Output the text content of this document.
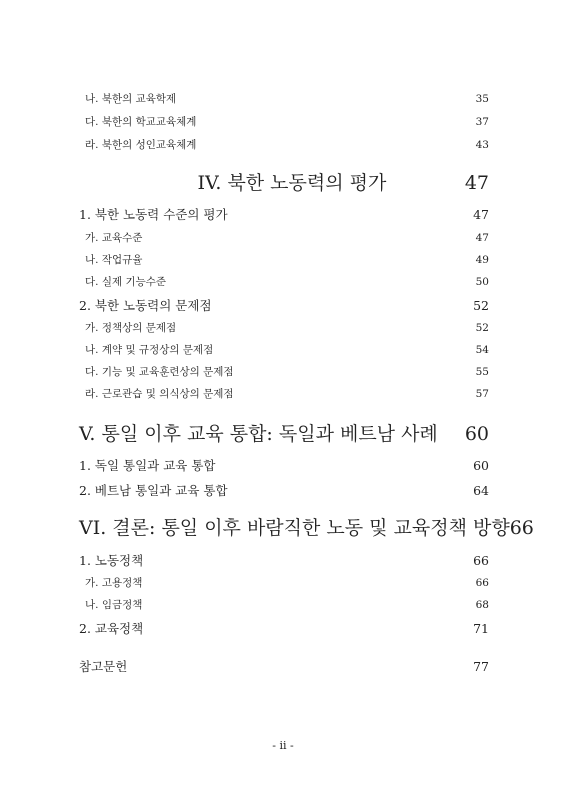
나. 북한의 교육학제	35
다. 북한의 학교교육체계	37
라. 북한의 성인교육체계	43
IV. 북한 노동력의 평가	47
1. 북한 노동력 수준의 평가	47
가. 교육수준	47
나. 작업규율	49
다. 실제 기능수준	50
2. 북한 노동력의 문제점	52
가. 정책상의 문제점	52
나. 계약 및 규정상의 문제점	54
다. 기능 및 교육훈련상의 문제점	55
라. 근로관습 및 의식상의 문제점	57
V. 통일 이후 교육 통합: 독일과 베트남 사례 60
1. 독일 통일과 교육 통합	60
2. 베트남 통일과 교육 통합	64
VI. 결론: 통일 이후 바람직한 노동 및 교육정책 방향 66
1. 노동정책	66
가. 고용정책	66
나. 임금정책	68
2. 교육정책	71
참고문헌	77
- ii -
